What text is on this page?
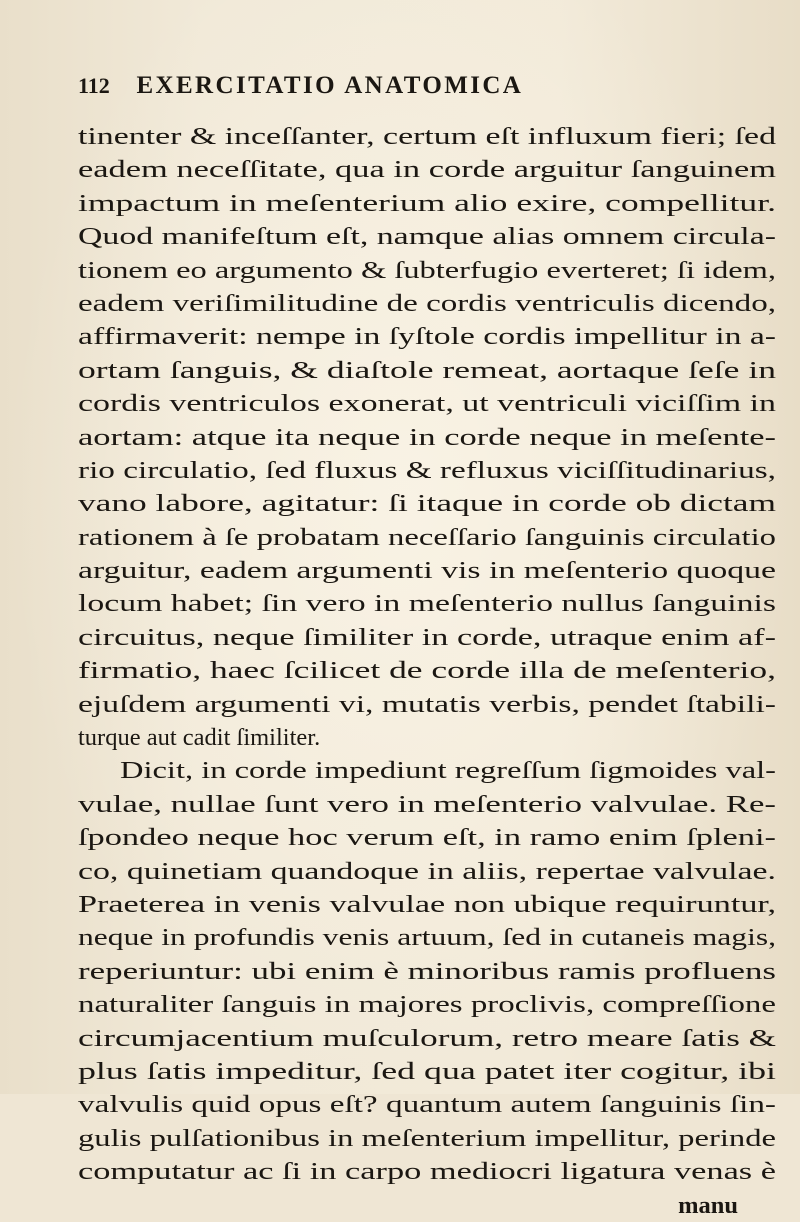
112 EXERCITATIO ANATOMICA
tinenter & inceſſanter, certum eſt influxum fieri; ſed
eadem neceſſitate, qua in corde arguitur ſanguinem
impactum in meſenterium alio exire, compellitur.
Quod manifeſtum eſt, namque alias omnem circula-
tionem eo argumento & ſubterfugio everteret; ſi idem,
eadem veriſimilitudine de cordis ventriculis dicendo,
affirmaverit: nempe in ſyſtole cordis impellitur in a-
ortam ſanguis, & diaſtole remeat, aortaque ſeſe in
cordis ventriculos exonerat, ut ventriculi viciſſim in
aortam: atque ita neque in corde neque in meſente-
rio circulatio, ſed fluxus & refluxus viciſſitudinarius,
vano labore, agitatur: ſi itaque in corde ob dictam
rationem à ſe probatam neceſſario ſanguinis circulatio
arguitur, eadem argumenti vis in meſenterio quoque
locum habet; ſin vero in meſenterio nullus ſanguinis
circuitus, neque ſimiliter in corde, utraque enim af-
firmatio, haec ſcilicet de corde illa de meſenterio,
ejuſdem argumenti vi, mutatis verbis, pendet ſtabili-
turque aut cadit ſimiliter.
Dicit, in corde impediunt regreſſum ſigmoides val-
vulae, nullae ſunt vero in meſenterio valvulae. Re-
ſpondeo neque hoc verum eſt, in ramo enim ſpleni-
co, quinetiam quandoque in aliis, repertae valvulae.
Praeterea in venis valvulae non ubique requiruntur,
neque in profundis venis artuum, ſed in cutaneis magis,
reperiuntur: ubi enim è minoribus ramis profluens
naturaliter ſanguis in majores proclivis, compreſſione
circumjacentium muſculorum, retro meare ſatis &
plus ſatis impeditur, ſed qua patet iter cogitur, ibi
valvulis quid opus eſt? quantum autem ſanguinis ſin-
gulis pulſationibus in meſenterium impellitur, perinde
computatur ac ſi in carpo mediocri ligatura venas è
manu
